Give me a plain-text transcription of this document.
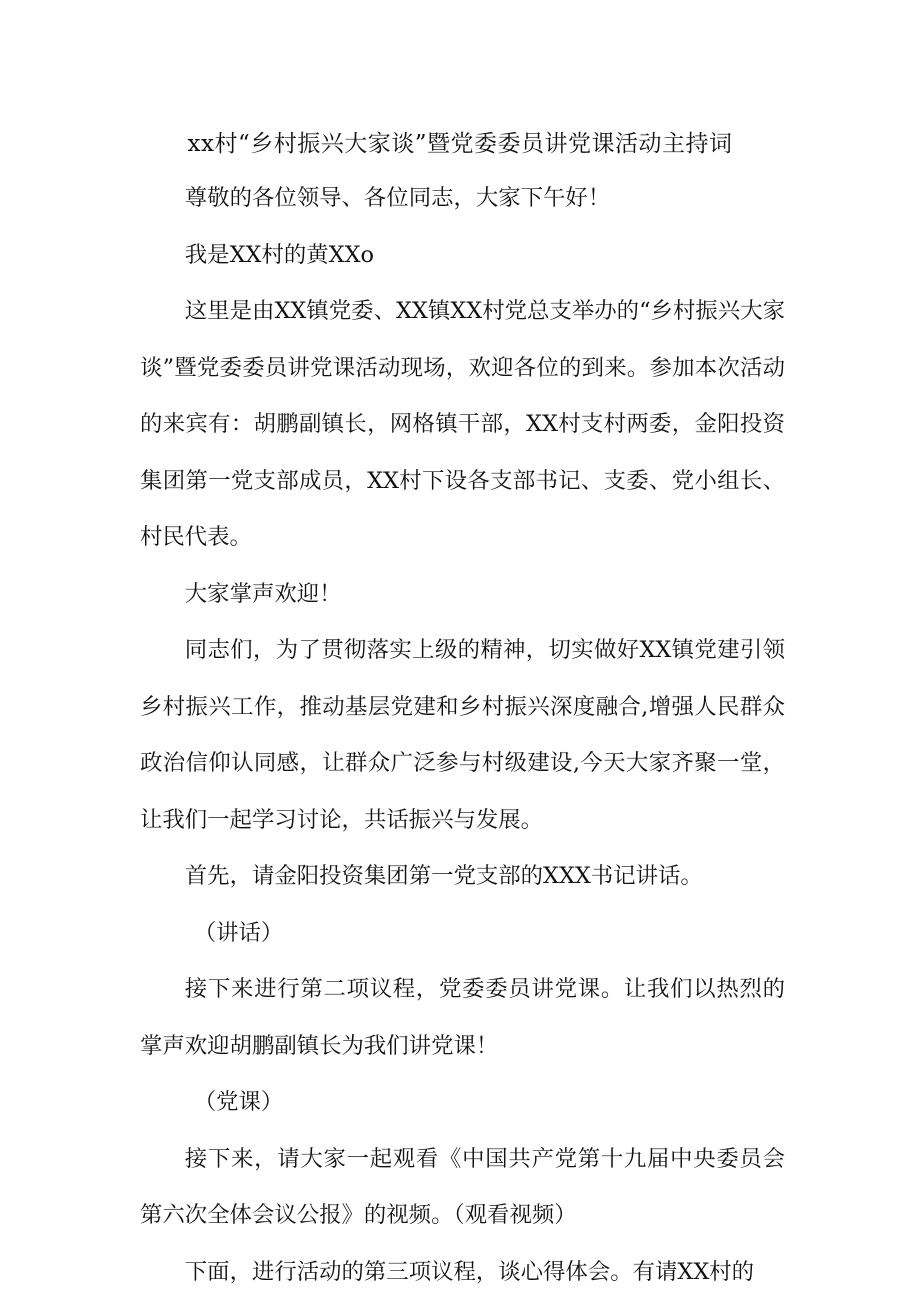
xx村“乡村振兴大家谈”暨党委委员讲党课活动主持词

尊敬的各位领导、各位同志，大家下午好！

我是XX村的黄XXo

这里是由XX镇党委、XX镇XX村党总支举办的“乡村振兴大家谈”暨党委委员讲党课活动现场，欢迎各位的到来。参加本次活动的来宾有：胡鹏副镇长，网格镇干部，XX村支村两委，金阳投资集团第一党支部成员，XX村下设各支部书记、支委、党小组长、村民代表。

大家掌声欢迎！

同志们，为了贯彻落实上级的精神，切实做好XX镇党建引领乡村振兴工作，推动基层党建和乡村振兴深度融合,增强人民群众政治信仰认同感，让群众广泛参与村级建设,今天大家齐聚一堂，让我们一起学习讨论，共话振兴与发展。

首先，请金阳投资集团第一党支部的XXX书记讲话。

（讲话）

接下来进行第二项议程，党委委员讲党课。让我们以热烈的掌声欢迎胡鹏副镇长为我们讲党课！

（党课）

接下来，请大家一起观看《中国共产党第十九届中央委员会第六次全体会议公报》的视频。（观看视频）

下面，进行活动的第三项议程，谈心得体会。有请XX村的
